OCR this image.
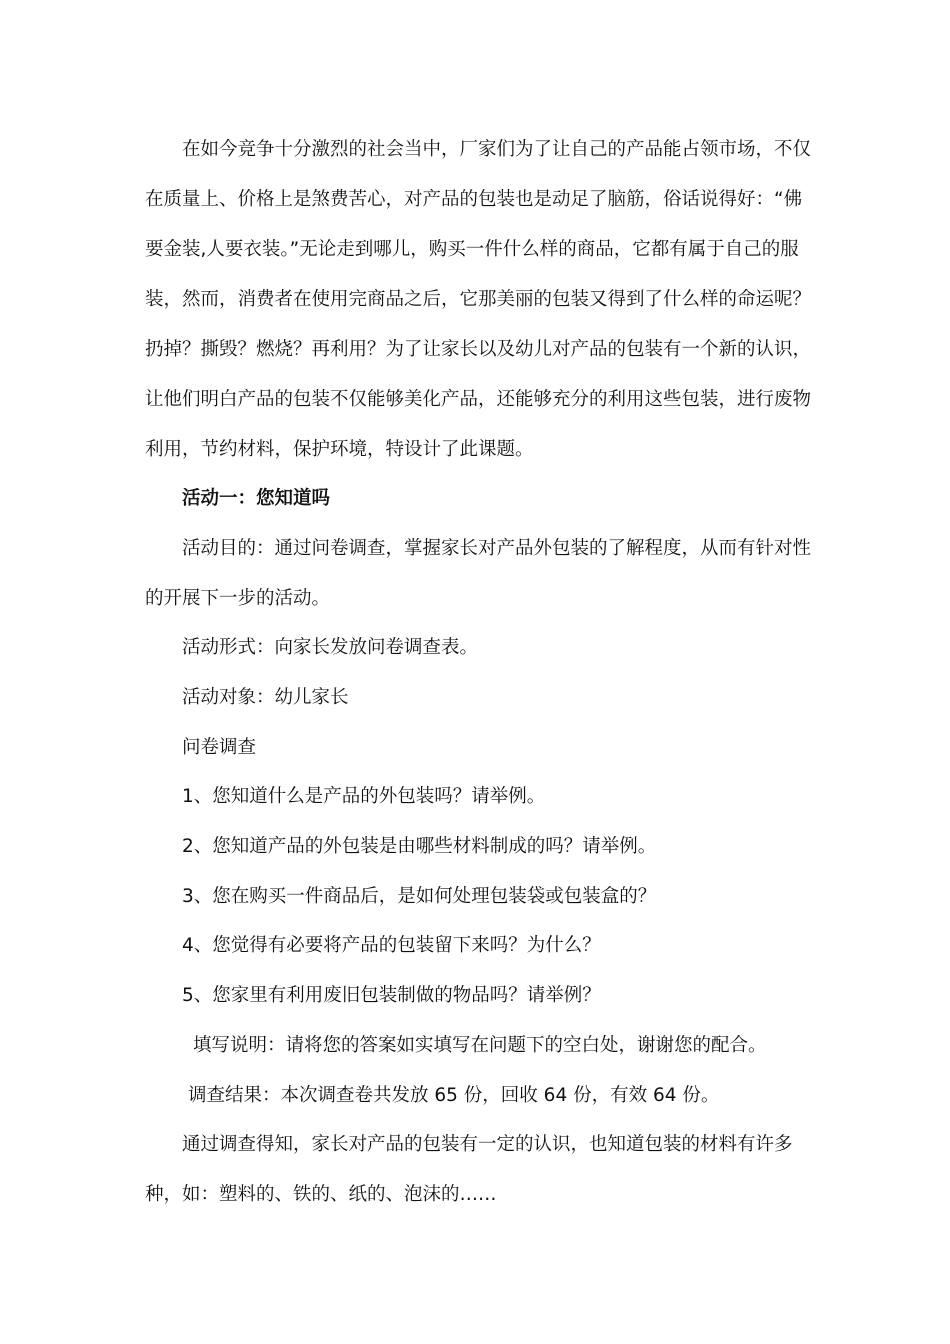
在如今竞争十分激烈的社会当中，厂家们为了让自己的产品能占领市场，不仅在质量上、价格上是煞费苦心，对产品的包装也是动足了脑筋，俗话说得好：“佛要金装,人要衣装。”无论走到哪儿，购买一件什么样的商品，它都有属于自己的服装，然而，消费者在使用完商品之后，它那美丽的包装又得到了什么样的命运呢？扔掉？撕毁？燃烧？再利用？为了让家长以及幼儿对产品的包装有一个新的认识，让他们明白产品的包装不仅能够美化产品，还能够充分的利用这些包装，进行废物利用，节约材料，保护环境，特设计了此课题。
活动一：您知道吗
活动目的：通过问卷调查，掌握家长对产品外包装的了解程度，从而有针对性的开展下一步的活动。
活动形式：向家长发放问卷调查表。
活动对象：幼儿家长
问卷调查
1、您知道什么是产品的外包装吗？请举例。
2、您知道产品的外包装是由哪些材料制成的吗？请举例。
3、您在购买一件商品后，是如何处理包装袋或包装盒的？
4、您觉得有必要将产品的包装留下来吗？为什么？
5、您家里有利用废旧包装制做的物品吗？请举例？
填写说明：请将您的答案如实填写在问题下的空白处，谢谢您的配合。
调查结果：本次调查卷共发放 65 份，回收 64 份，有效 64 份。
通过调查得知，家长对产品的包装有一定的认识，也知道包装的材料有许多种，如：塑料的、铁的、纸的、泡沫的……
